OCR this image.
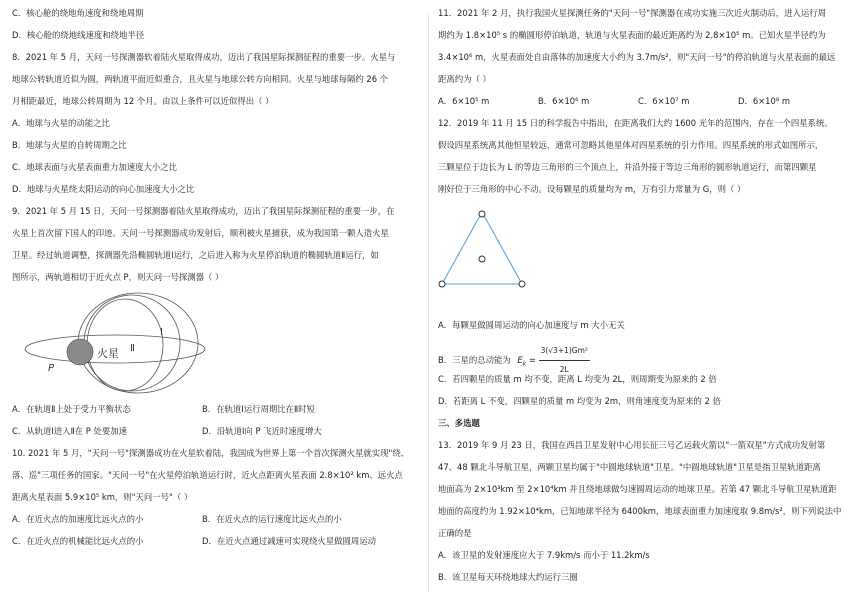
C．核心舱的绕地角速度和绕地周期
D．核心舱的绕地线速度和绕地半径
8．2021 年 5 月，天问一号探测器软着陆火星取得成功，迈出了我国星际探测征程的重要一步。火星与
地球公转轨道近似为圆，两轨道平面近似重合，且火星与地球公转方向相同。火星与地球每隔约 26 个
月相距最近，地球公转周期为 12 个月。由以上条件可以近似得出（ ）
A．地球与火星的动能之比
B．地球与火星的自转周期之比
C．地球表面与火星表面重力加速度大小之比
D．地球与火星绕太阳运动的向心加速度大小之比
9．2021 年 5 月 15 日，天问一号探测器着陆火星取得成功，迈出了我国星际探测征程的重要一步，在
火星上首次留下国人的印迹。天问一号探测器成功发射后，顺利被火星捕获，成为我国第一颗人造火星
卫星。经过轨道调整，探测器先沿椭圆轨道Ⅰ运行，之后进入称为火星停泊轨道的椭圆轨道Ⅱ运行，如
图所示，两轨道相切于近火点 P，则天问一号探测器（ ）
火星
P
Ⅱ
Ⅰ
A．在轨道Ⅱ上处于受力平衡状态	B．在轨道Ⅰ运行周期比在Ⅱ时短
C．从轨道Ⅰ进入Ⅱ在 P 处要加速	D．沿轨道Ⅰ向 P 飞近时速度增大
10. 2021 年 5 月，"天问一号"探测器成功在火星软着陆，我国成为世界上第一个首次探测火星就实现"绕、
落、巡"三项任务的国家。"天问一号"在火星停泊轨道运行时，近火点距离火星表面 2.8×10² km、远火点
距离火星表面 5.9×10⁵ km，则"天问一号"（ ）
A．在近火点的加速度比远火点的小	B．在近火点的运行速度比远火点的小
C．在近火点的机械能比远火点的小	D．在近火点通过减速可实现绕火星做圆周运动
11．2021 年 2 月，执行我国火星探测任务的"天问一号"探测器在成功实施三次近火制动后，进入运行周
期约为 1.8×10⁵ s 的椭圆形停泊轨道，轨道与火星表面的最近距离约为 2.8×10⁵ m。已知火星半径约为
3.4×10⁶ m，火星表面处自由落体的加速度大小约为 3.7m/s²，则"天问一号"的停泊轨道与火星表面的最远
距离约为（ ）
A．6×10⁵ m	B．6×10⁶ m	C．6×10⁷ m	D．6×10⁸ m
12．2019 年 11 月 15 日的科学报告中指出，在距离我们大约 1600 光年的范围内，存在一个四星系统。
假设四星系统离其他恒星较远，通常可忽略其他星体对四星系统的引力作用。四星系统的形式如图所示，
三颗星位于边长为 L 的等边三角形的三个顶点上，并沿外接于等边三角形的圆形轨道运行，而第四颗星
刚好位于三角形的中心不动。设每颗星的质量均为 m，万有引力常量为 G，则（ ）
A．每颗星做圆周运动的向心加速度与 m 大小无关
B．三星的总动能为 $E_k = \frac{\text{3(√3+1)Gm²}}{2L}$
C．若四颗星的质量 m 均不变，距离 L 均变为 2L，则周期变为原来的 2 倍
D．若距离 L 不变，四颗星的质量 m 均变为 2m，则角速度变为原来的 2 倍
三、多选题
13．2019 年 9 月 23 日，我国在西昌卫星发射中心用长征三号乙运载火箭以"一箭双星"方式成功发射第
47、48 颗北斗导航卫星，两颗卫星均属于"中圆地球轨道"卫星。"中圆地球轨道"卫星是指卫星轨道距离
地面高为 2×10³km 至 2×10⁴km 并且绕地球做匀速圆周运动的地球卫星。若第 47 颗北斗导航卫星轨道距
地面的高度约为 1.92×10⁴km，已知地球半径为 6400km，地球表面重力加速度取 9.8m/s²，则下列说法中
正确的是
A．该卫星的发射速度应大于 7.9km/s 而小于 11.2km/s
B．该卫星每天环绕地球大约运行三圈
